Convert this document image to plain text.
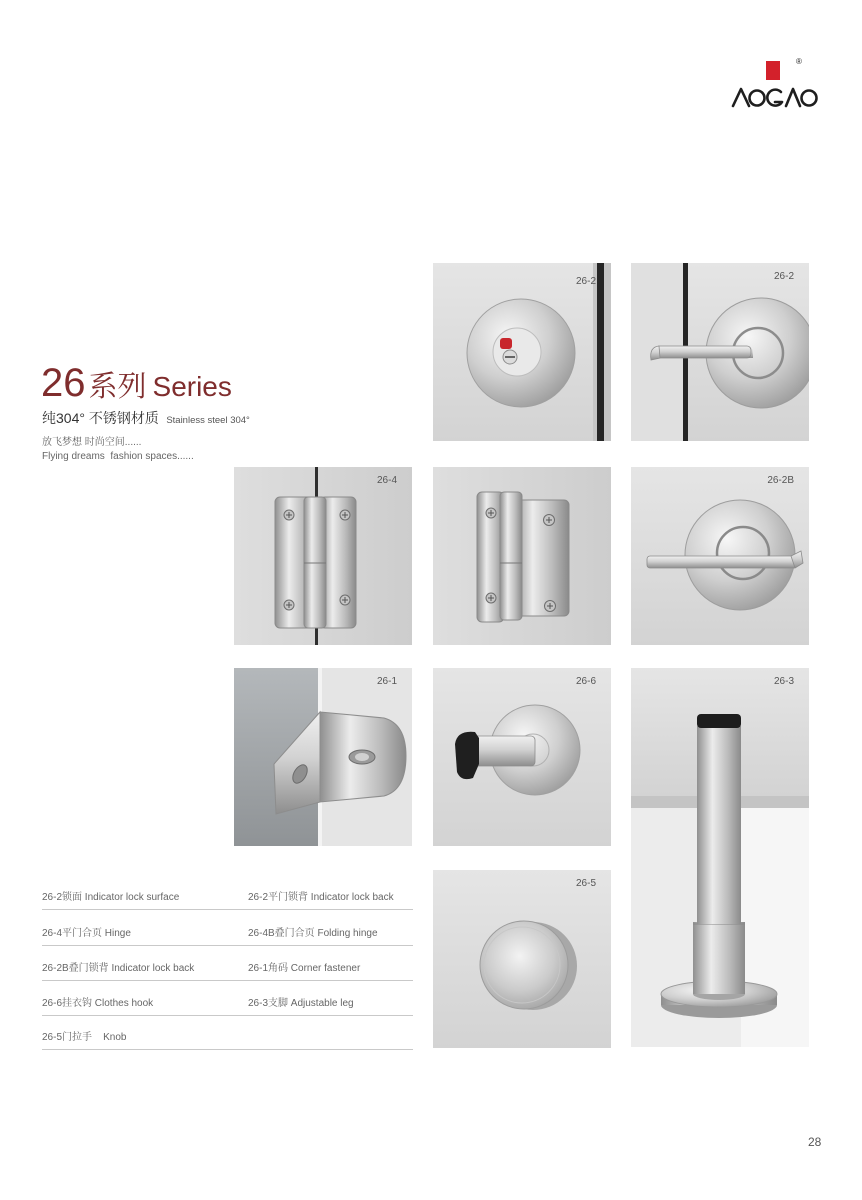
®
26 系列 Series
纯304° 不锈钢材质 Stainless steel 304°
放飞梦想 时尚空间......
Flying dreams  fashion spaces......
26-2	26-2
26-4	26-2B
26-1	26-6	26-3
26-5
26-2锁面 Indicator lock surface	26-2平门锁背 Indicator lock back
26-4平门合页 Hinge	26-4B叠门合页 Folding hinge
26-2B叠门锁背 Indicator lock back	26-1角码 Corner fastener
26-6挂衣钩 Clothes hook	26-3支脚 Adjustable leg
26-5门拉手    Knob
28
